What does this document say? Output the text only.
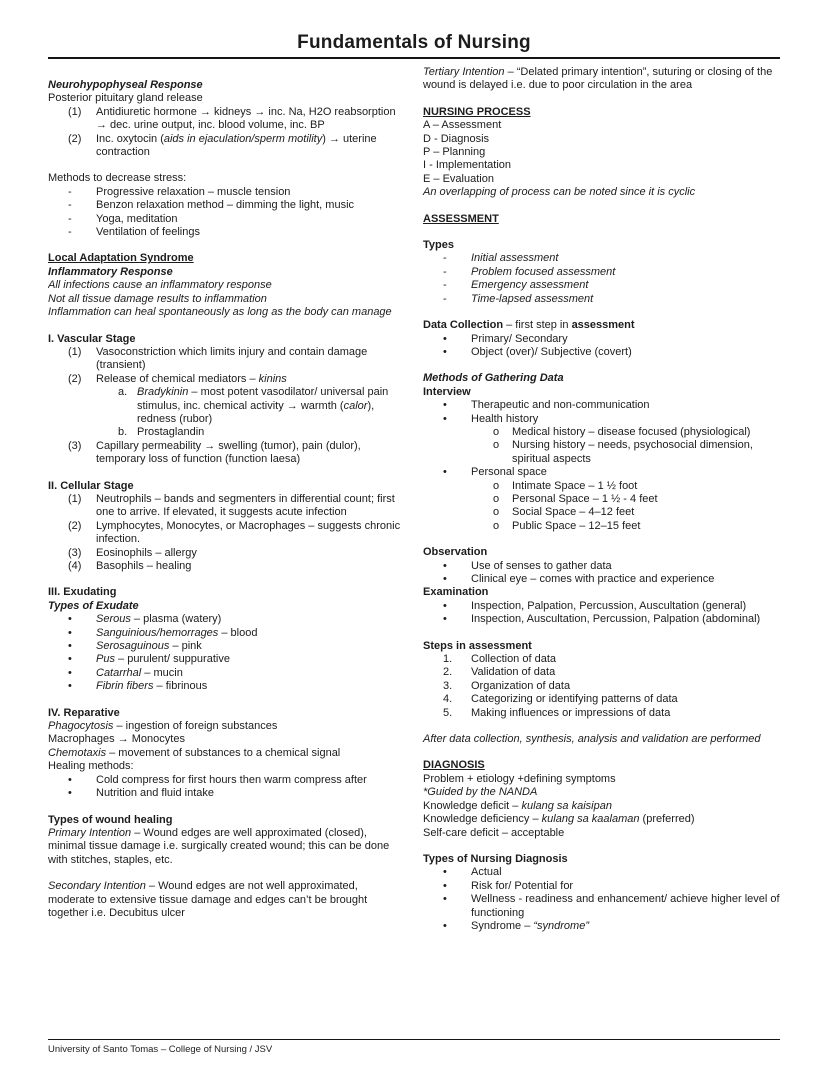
Fundamentals of Nursing
Neurohypophyseal Response
Posterior pituitary gland release
(1)	Antidiuretic hormone → kidneys → inc. Na, H2O reabsorption → dec. urine output, inc. blood volume, inc. BP
(2)	Inc. oxytocin (aids in ejaculation/sperm motility) → uterine contraction
Methods to decrease stress:
-	Progressive relaxation – muscle tension
-	Benzon relaxation method – dimming the light, music
-	Yoga, meditation
-	Ventilation of feelings
Local Adaptation Syndrome
Inflammatory Response
All infections cause an inflammatory response
Not all tissue damage results to inflammation
Inflammation can heal spontaneously as long as the body can manage
I. Vascular Stage
(1)	Vasoconstriction which limits injury and contain damage (transient)
(2)	Release of chemical mediators – kinins
a. Bradykinin – most potent vasodilator/ universal pain stimulus, inc. chemical activity → warmth (calor), redness (rubor)
b. Prostaglandin
(3)	Capillary permeability → swelling (tumor), pain (dulor), temporary loss of function (function laesa)
II. Cellular Stage
(1)	Neutrophils – bands and segmenters in differential count; first one to arrive. If elevated, it suggests acute infection
(2)	Lymphocytes, Monocytes, or Macrophages – suggests chronic infection.
(3)	Eosinophils – allergy
(4)	Basophils – healing
III. Exudating
Types of Exudate
•	Serous – plasma (watery)
•	Sanguinious/hemorrages – blood
•	Serosaguinous – pink
•	Pus – purulent/ suppurative
•	Catarrhal – mucin
•	Fibrin fibers – fibrinous
IV. Reparative
Phagocytosis – ingestion of foreign substances
Macrophages → Monocytes
Chemotaxis – movement of substances to a chemical signal
Healing methods:
•	Cold compress for first hours then warm compress after
•	Nutrition and fluid intake
Types of wound healing
Primary Intention – Wound edges are well approximated (closed), minimal tissue damage i.e. surgically created wound; this can be done with stitches, staples, etc.
Secondary Intention – Wound edges are not well approximated, moderate to extensive tissue damage and edges can’t be brought together i.e. Decubitus ulcer
Tertiary Intention – “Delated primary intention”, suturing or closing of the wound is delayed i.e. due to poor circulation in the area
NURSING PROCESS
A – Assessment
D - Diagnosis
P – Planning
I - Implementation
E – Evaluation
An overlapping of process can be noted since it is cyclic
ASSESSMENT
Types
-	Initial assessment
-	Problem focused assessment
-	Emergency assessment
-	Time-lapsed assessment
Data Collection – first step in assessment
•	Primary/ Secondary
•	Object (over)/ Subjective (covert)
Methods of Gathering Data
Interview
•	Therapeutic and non-communication
•	Health history
o	Medical history – disease focused (physiological)
o	Nursing history – needs, psychosocial dimension, spiritual aspects
•	Personal space
o	Intimate Space – 1 ½ foot
o	Personal Space – 1 ½ - 4 feet
o	Social Space – 4–12 feet
o	Public Space – 12–15 feet
Observation
•	Use of senses to gather data
•	Clinical eye – comes with practice and experience
Examination
•	Inspection, Palpation, Percussion, Auscultation (general)
•	Inspection, Auscultation, Percussion, Palpation (abdominal)
Steps in assessment
1.	Collection of data
2.	Validation of data
3.	Organization of data
4.	Categorizing or identifying patterns of data
5.	Making influences or impressions of data
After data collection, synthesis, analysis and validation are performed
DIAGNOSIS
Problem + etiology +defining symptoms
*Guided by the NANDA
Knowledge deficit – kulang sa kaisipan
Knowledge deficiency – kulang sa kaalaman (preferred)
Self-care deficit – acceptable
Types of Nursing Diagnosis
•	Actual
•	Risk for/ Potential for
•	Wellness - readiness and enhancement/ achieve higher level of functioning
•	Syndrome – “syndrome”
University of Santo Tomas – College of Nursing / JSV
